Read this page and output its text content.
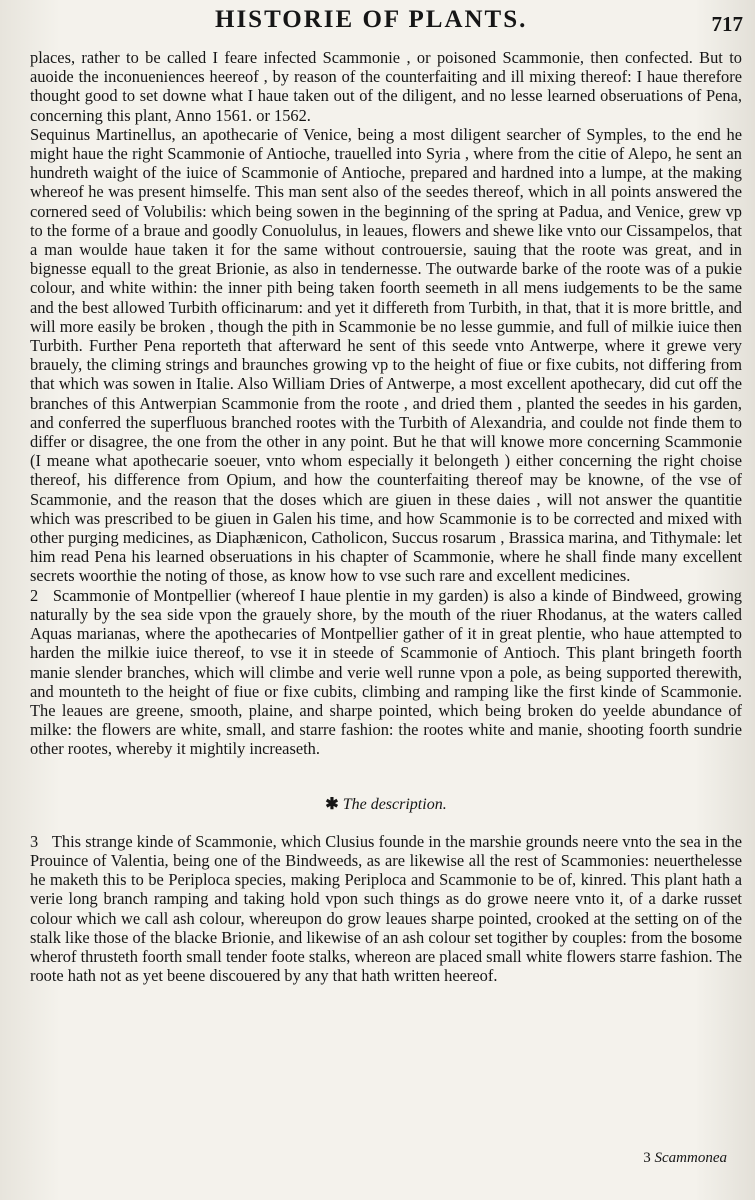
HISTORIE OF PLANTS.	717

places, rather to be called I feare infected Scammonie , or poisoned Scammonie, then confected. But to auoide the inconueniences heereof , by reason of the counterfaiting and ill mixing thereof: I haue therefore thought good to set downe what I haue taken out of the diligent, and no lesse learned obseruations of Pena, concerning this plant, Anno 1561. or 1562.

Sequinus Martinellus, an apothecarie of Venice, being a most diligent searcher of Symples, to the end he might haue the right Scammonie of Antioche, trauelled into Syria , where from the citie of Alepo, he sent an hundreth waight of the iuice of Scammonie of Antioche, prepared and hardned into a lumpe, at the making whereof he was present himselfe. This man sent also of the seedes thereof, which in all points answered the cornered seed of Volubilis: which being sowen in the beginning of the spring at Padua, and Venice, grew vp to the forme of a braue and goodly Conuolulus, in leaues, flowers and shewe like vnto our Cissampelos, that a man woulde haue taken it for the same without controuersie, sauing that the roote was great, and in bignesse equall to the great Brionie, as also in tendernesse. The outwarde barke of the roote was of a pukie colour, and white within: the inner pith being taken foorth seemeth in all mens iudgements to be the same and the best allowed Turbith officinarum: and yet it differeth from Turbith, in that, that it is more brittle, and will more easily be broken , though the pith in Scammonie be no lesse gummie, and full of milkie iuice then Turbith. Further Pena reporteth that afterward he sent of this seede vnto Antwerpe, where it grewe very brauely, the climing strings and braunches growing vp to the height of fiue or fixe cubits, not differing from that which was sowen in Italie. Also William Dries of Antwerpe, a most excellent apothecary, did cut off the branches of this Antwerpian Scammonie from the roote , and dried them , planted the seedes in his garden, and conferred the superfluous branched rootes with the Turbith of Alexandria, and coulde not finde them to differ or disagree, the one from the other in any point. But he that will knowe more concerning Scammonie (I meane what apothecarie soeuer, vnto whom especially it belongeth ) either concerning the right choise thereof, his difference from Opium, and how the counterfaiting thereof may be knowne, of the vse of Scammonie, and the reason that the doses which are giuen in these daies , will not answer the quantitie which was prescribed to be giuen in Galen his time, and how Scammonie is to be corrected and mixed with other purging medicines, as Diaphænicon, Catholicon, Succus rosarum , Brassica marina, and Tithymale: let him read Pena his learned obseruations in his chapter of Scammonie, where he shall finde many excellent secrets woorthie the noting of those, as know how to vse such rare and excellent medicines.

2 Scammonie of Montpellier (whereof I haue plentie in my garden) is also a kinde of Bindweed, growing naturally by the sea side vpon the grauely shore, by the mouth of the riuer Rhodanus, at the waters called Aquas marianas, where the apothecaries of Montpellier gather of it in great plentie, who haue attempted to harden the milkie iuice thereof, to vse it in steede of Scammonie of Antioch. This plant bringeth foorth manie slender branches, which will climbe and verie well runne vpon a pole, as being supported therewith, and mounteth to the height of fiue or fixe cubits, climbing and ramping like the first kinde of Scammonie. The leaues are greene, smooth, plaine, and sharpe pointed, which being broken do yeelde abundance of milke: the flowers are white, small, and starre fashion: the rootes white and manie, shooting foorth sundrie other rootes, whereby it mightily increaseth.

✱ The description.

3 This strange kinde of Scammonie, which Clusius founde in the marshie grounds neere vnto the sea in the Prouince of Valentia, being one of the Bindweeds, as are likewise all the rest of Scammonies: neuerthelesse he maketh this to be Periploca species, making Periploca and Scammonie to be of, kinred. This plant hath a verie long branch ramping and taking hold vpon such things as do growe neere vnto it, of a darke russet colour which we call ash colour, whereupon do grow leaues sharpe pointed, crooked at the setting on of the stalk like those of the blacke Brionie, and likewise of an ash colour set togither by couples: from the bosome wherof thrusteth foorth small tender foote stalks, whereon are placed small white flowers starre fashion. The roote hath not as yet beene discouered by any that hath written heereof.

3 Scammonea
